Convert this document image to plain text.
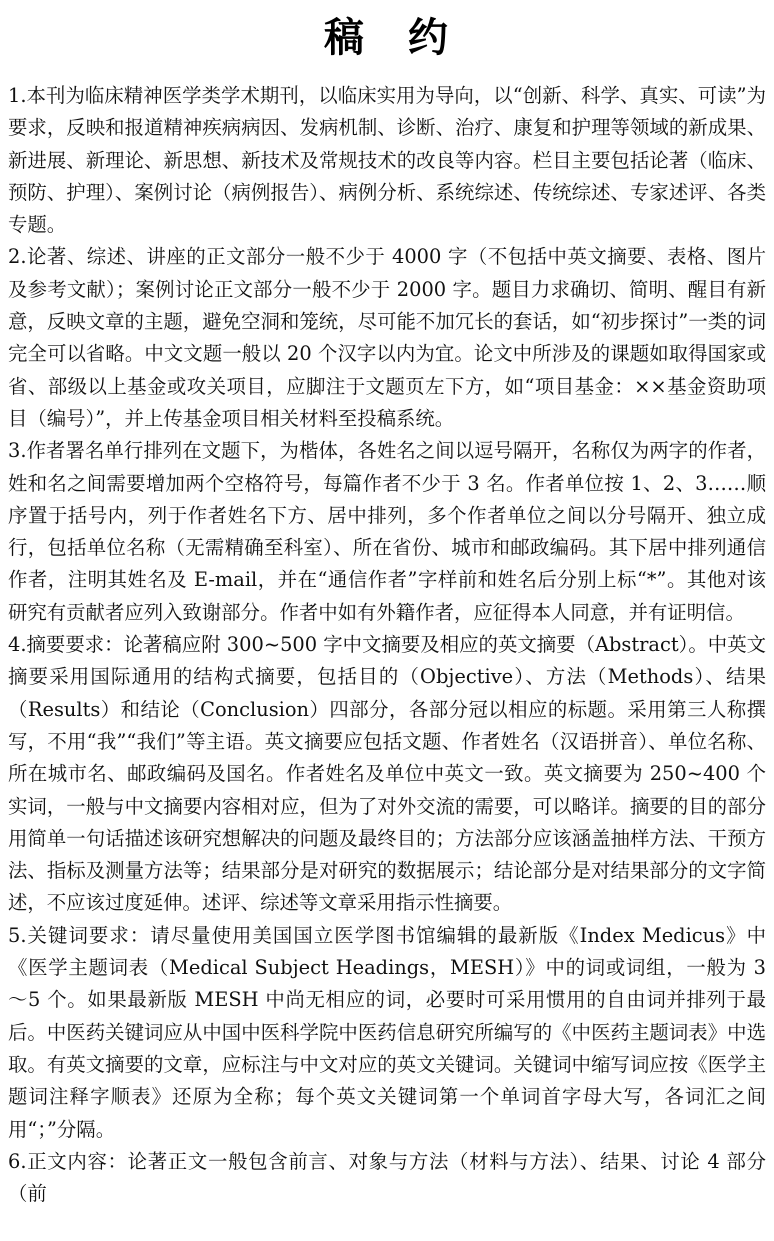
稿　约

1.本刊为临床精神医学类学术期刊，以临床实用为导向，以“创新、科学、真实、可读”为要求，反映和报道精神疾病病因、发病机制、诊断、治疗、康复和护理等领域的新成果、新进展、新理论、新思想、新技术及常规技术的改良等内容。栏目主要包括论著（临床、预防、护理）、案例讨论（病例报告）、病例分析、系统综述、传统综述、专家述评、各类专题。

2.论著、综述、讲座的正文部分一般不少于 4000 字（不包括中英文摘要、表格、图片及参考文献）；案例讨论正文部分一般不少于 2000 字。题目力求确切、简明、醒目有新意，反映文章的主题，避免空洞和笼统，尽可能不加冗长的套话，如“初步探讨”一类的词完全可以省略。中文文题一般以 20 个汉字以内为宜。论文中所涉及的课题如取得国家或省、部级以上基金或攻关项目，应脚注于文题页左下方，如“项目基金：××基金资助项目（编号）”，并上传基金项目相关材料至投稿系统。

3.作者署名单行排列在文题下，为楷体，各姓名之间以逗号隔开，名称仅为两字的作者，姓和名之间需要增加两个空格符号，每篇作者不少于 3 名。作者单位按 1、2、3……顺序置于括号内，列于作者姓名下方、居中排列，多个作者单位之间以分号隔开、独立成行，包括单位名称（无需精确至科室）、所在省份、城市和邮政编码。其下居中排列通信作者，注明其姓名及 E-mail，并在“通信作者”字样前和姓名后分别上标“*”。其他对该研究有贡献者应列入致谢部分。作者中如有外籍作者，应征得本人同意，并有证明信。

4.摘要要求：论著稿应附 300~500 字中文摘要及相应的英文摘要（Abstract）。中英文摘要采用国际通用的结构式摘要，包括目的（Objective）、方法（Methods）、结果（Results）和结论（Conclusion）四部分，各部分冠以相应的标题。采用第三人称撰写，不用“我”“我们”等主语。英文摘要应包括文题、作者姓名（汉语拼音）、单位名称、所在城市名、邮政编码及国名。作者姓名及单位中英文一致。英文摘要为 250~400 个实词，一般与中文摘要内容相对应，但为了对外交流的需要，可以略详。摘要的目的部分用简单一句话描述该研究想解决的问题及最终目的；方法部分应该涵盖抽样方法、干预方法、指标及测量方法等；结果部分是对研究的数据展示；结论部分是对结果部分的文字简述，不应该过度延伸。述评、综述等文章采用指示性摘要。

5.关键词要求：请尽量使用美国国立医学图书馆编辑的最新版《Index Medicus》中《医学主题词表（Medical Subject Headings，MESH）》中的词或词组，一般为 3～5 个。如果最新版 MESH 中尚无相应的词，必要时可采用惯用的自由词并排列于最后。中医药关键词应从中国中医科学院中医药信息研究所编写的《中医药主题词表》中选取。有英文摘要的文章，应标注与中文对应的英文关键词。关键词中缩写词应按《医学主题词注释字顺表》还原为全称；每个英文关键词第一个单词首字母大写，各词汇之间用“；”分隔。

6.正文内容：论著正文一般包含前言、对象与方法（材料与方法）、结果、讨论 4 部分（前
